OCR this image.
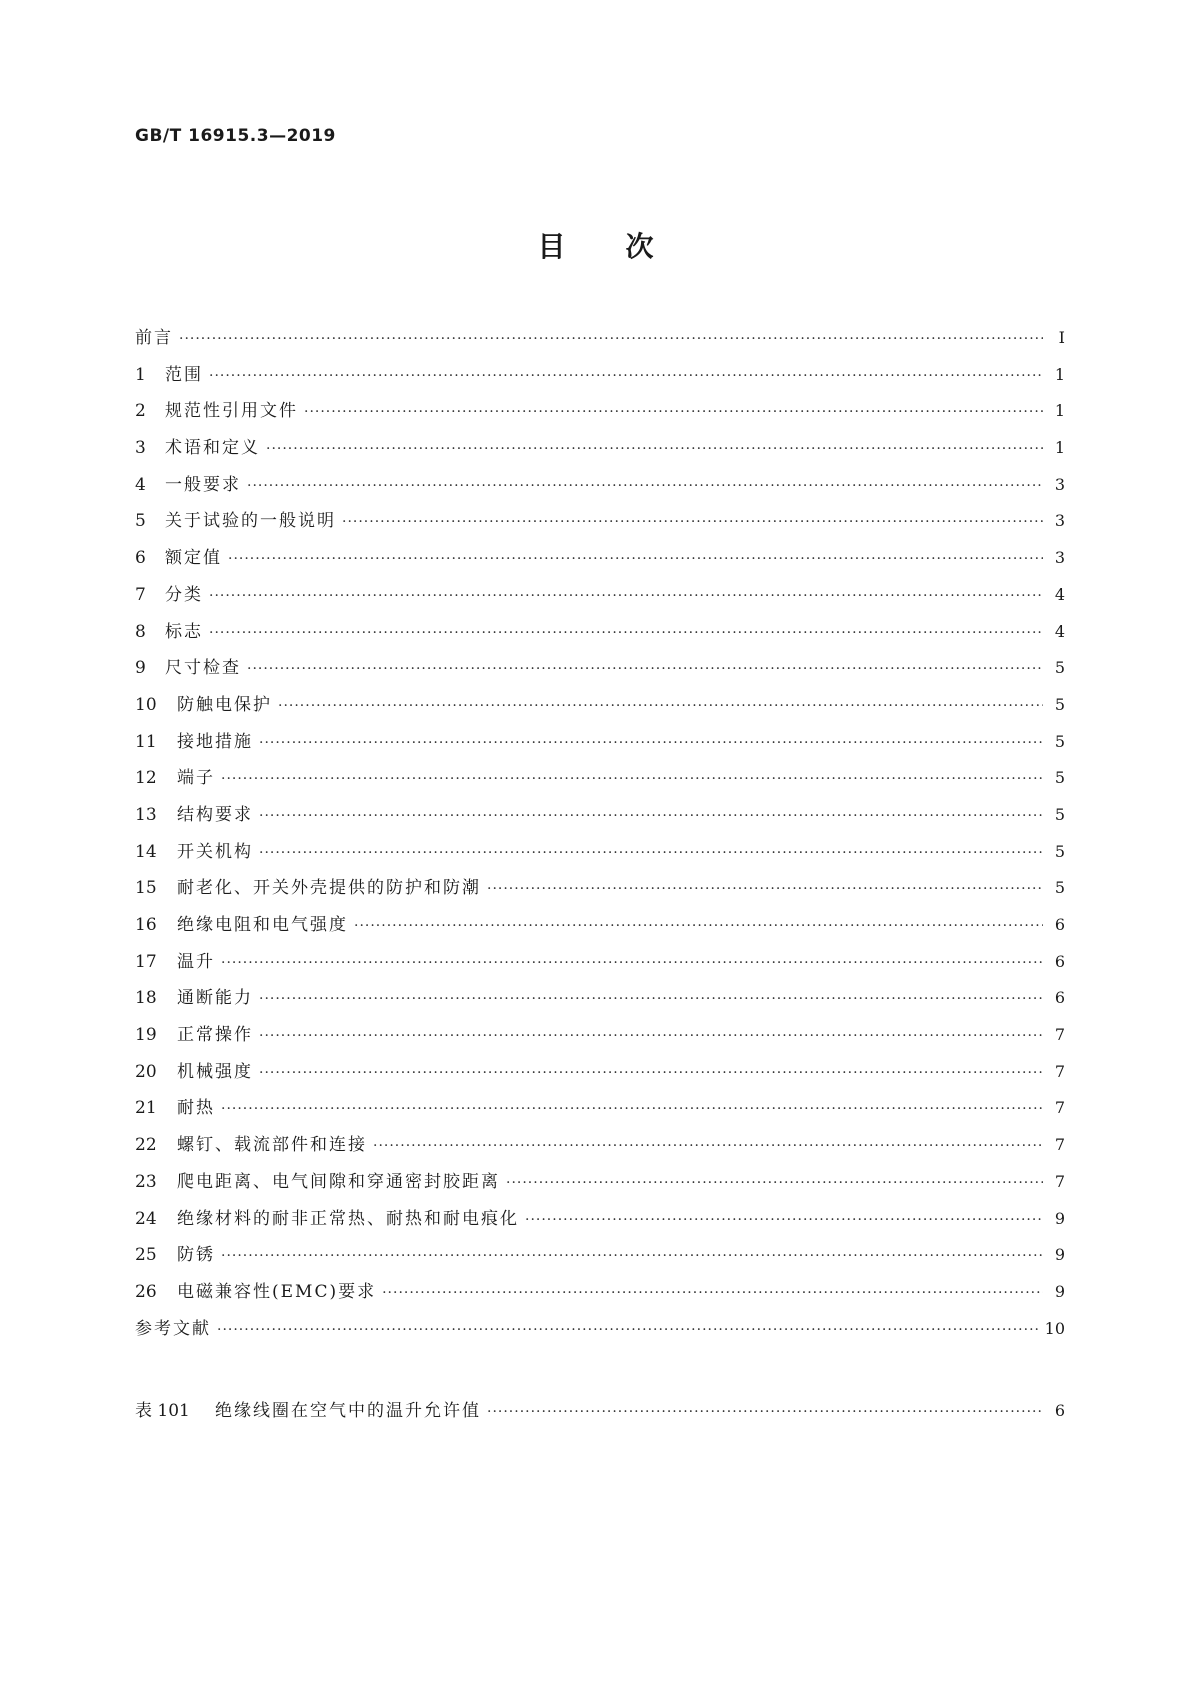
GB/T 16915.3—2019
目次
前言 ·····	Ⅰ
1	范围 ·····	1
2	规范性引用文件 ·····	1
3	术语和定义 ·····	1
4	一般要求 ·····	3
5	关于试验的一般说明 ·····	3
6	额定值 ·····	3
7	分类 ·····	4
8	标志 ·····	4
9	尺寸检查 ·····	5
10	防触电保护 ·····	5
11	接地措施 ·····	5
12	端子 ·····	5
13	结构要求 ·····	5
14	开关机构 ·····	5
15	耐老化、开关外壳提供的防护和防潮 ·····	5
16	绝缘电阻和电气强度 ·····	6
17	温升 ·····	6
18	通断能力 ·····	6
19	正常操作 ·····	7
20	机械强度 ·····	7
21	耐热 ·····	7
22	螺钉、载流部件和连接 ·····	7
23	爬电距离、电气间隙和穿通密封胶距离 ·····	7
24	绝缘材料的耐非正常热、耐热和耐电痕化 ·····	9
25	防锈 ·····	9
26	电磁兼容性(EMC)要求 ·····	9
参考文献 ·····	10
表 101	绝缘线圈在空气中的温升允许值 ·····	6
